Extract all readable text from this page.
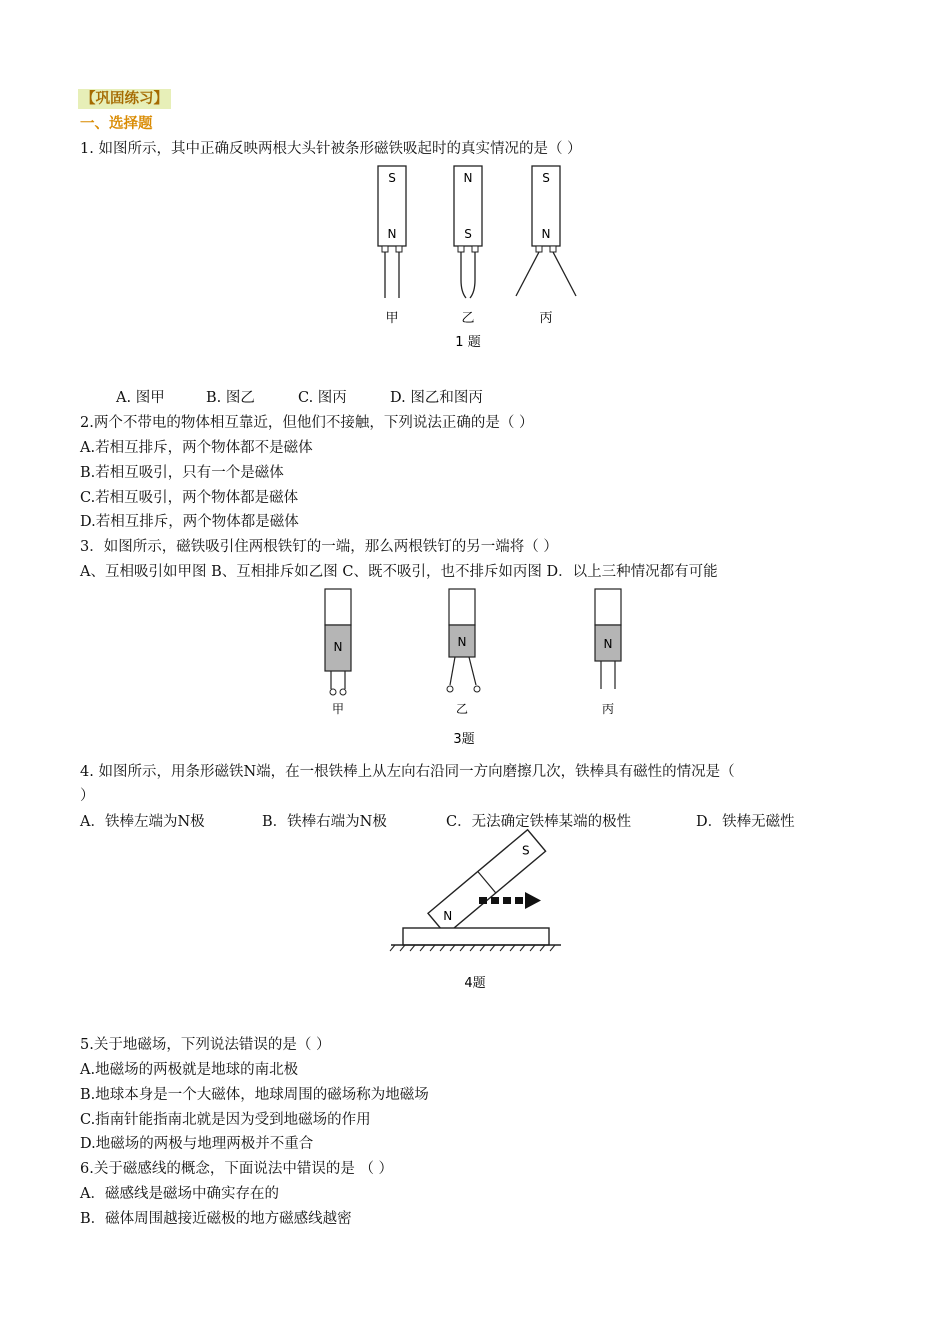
【巩固练习】
一、选择题
1. 如图所示，其中正确反映两根大头针被条形磁铁吸起时的真实情况的是（ ）
S
N
甲
N
S
乙
S
N
丙
1 题
A. 图甲	B. 图乙	C. 图丙	D. 图乙和图丙
2.两个不带电的物体相互靠近，但他们不接触，下列说法正确的是（ ）
A.若相互排斥，两个物体都不是磁体
B.若相互吸引，只有一个是磁体
C.若相互吸引，两个物体都是磁体
D.若相互排斥，两个物体都是磁体
3．如图所示，磁铁吸引住两根铁钉的一端，那么两根铁钉的另一端将（ ）
A、互相吸引如甲图 B、互相排斥如乙图 C、既不吸引，也不排斥如丙图 D．以上三种情况都有可能
N
甲
N
乙
N
丙
3题
4. 如图所示，用条形磁铁N端，在一根铁棒上从左向右沿同一方向磨擦几次，铁棒具有磁性的情况是（
）
A．铁棒左端为N极	B．铁棒右端为N极	C．无法确定铁棒某端的极性	D．铁棒无磁性
S
N
4题
5.关于地磁场，下列说法错误的是（ ）
A.地磁场的两极就是地球的南北极
B.地球本身是一个大磁体，地球周围的磁场称为地磁场
C.指南针能指南北就是因为受到地磁场的作用
D.地磁场的两极与地理两极并不重合
6.关于磁感线的概念，下面说法中错误的是 （ ）
A．磁感线是磁场中确实存在的
B．磁体周围越接近磁极的地方磁感线越密
